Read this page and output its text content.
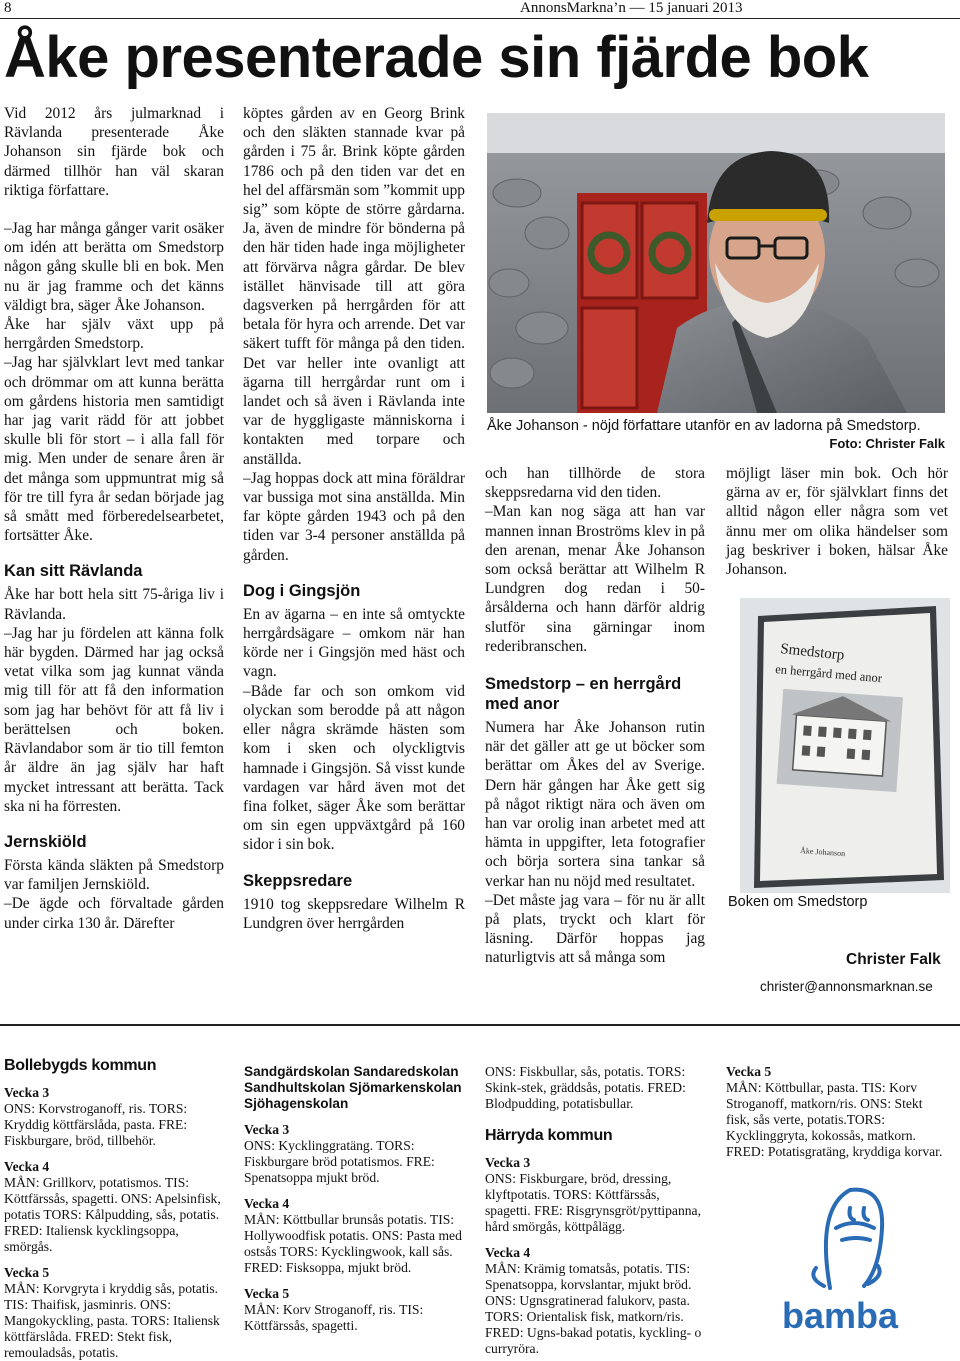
8	AnnonsMarkna’n — 15 januari 2013
Åke presenterade sin fjärde bok

Vid 2012 års julmarknad i Rävlanda presenterade Åke Johanson sin fjärde bok och därmed tillhör han väl skaran riktiga författare.

–Jag har många gånger varit osäker om idén att berätta om Smedstorp någon gång skulle bli en bok. Men nu är jag framme och det känns väldigt bra, säger Åke Johanson.

Åke har själv växt upp på herrgården Smedstorp.

–Jag har självklart levt med tankar och drömmar om att kunna berätta om gårdens historia men samtidigt har jag varit rädd för att jobbet skulle bli för stort – i alla fall för mig. Men under de senare åren är det många som uppmuntrat mig så för tre till fyra år sedan började jag så smått med förberedelsearbetet, fortsätter Åke.

Kan sitt Rävlanda

Åke har bott hela sitt 75-åriga liv i Rävlanda.

–Jag har ju fördelen att känna folk här bygden. Därmed har jag också vetat vilka som jag kunnat vända mig till för att få den information som jag har behövt för att få liv i berättelsen och boken. Rävlandabor som är tio till femton år äldre än jag själv har haft mycket intressant att berätta. Tack ska ni ha förresten.

Jernskiöld

Första kända släkten på Smedstorp var familjen Jernskiöld.

–De ägde och förvaltade gården under cirka 130 år. Därefter

köptes gården av en Georg Brink och den släkten stannade kvar på gården i 75 år. Brink köpte gården 1786 och på den tiden var det en hel del affärsmän som ”kommit upp sig” som köpte de större gårdarna. Ja, även de mindre för bönderna på den här tiden hade inga möjligheter att förvärva några gårdar. De blev istället hänvisade till att göra dagsverken på herrgården för att betala för hyra och arrende. Det var säkert tufft för många på den tiden. Det var heller inte ovanligt att ägarna till herrgårdar runt om i landet och så även i Rävlanda inte var de hyggligaste människorna i kontakten med torpare och anställda.

–Jag hoppas dock att mina föräldrar var bussiga mot sina anställda. Min far köpte gården 1943 och på den tiden var 3-4 personer anställda på gården.

Dog i Gingsjön

En av ägarna – en inte så omtyckte herrgårdsägare – omkom när han körde ner i Gingsjön med häst och vagn.

–Både far och son omkom vid olyckan som berodde på att någon eller några skrämde hästen som kom i sken och olyckligtvis hamnade i Gingsjön. Så visst kunde vardagen var hård även mot det fina folket, säger Åke som berättar om sin egen uppväxtgård på 160 sidor i sin bok.

Skeppsredare

1910 tog skeppsredare Wilhelm R Lundgren över herrgården

Åke Johanson - nöjd författare utanför en av ladorna på Smedstorp.
Foto: Christer Falk

och han tillhörde de stora skeppsredarna vid den tiden.

–Man kan nog säga att han var mannen innan Broströms klev in på den arenan, menar Åke Johanson som också berättar att Wilhelm R Lundgren dog redan i 50-årsålderna och hann därför aldrig slutför sina gärningar inom rederibranschen.

Smedstorp – en herrgård med anor

Numera har Åke Johanson rutin när det gäller att ge ut böcker som berättar om Åkes del av Sverige. Dern här gången har Åke gett sig på något riktigt nära och även om han var orolig inan arbetet med att hämta in uppgifter, leta fotografier och börja sortera sina tankar så verkar han nu nöjd med resultatet.

–Det måste jag vara – för nu är allt på plats, tryckt och klart för läsning. Därför hoppas jag naturligtvis att så många som

möjligt läser min bok. Och hör gärna av er, för självklart finns det alltid någon eller några som vet ännu mer om olika händelser som jag beskriver i boken, hälsar Åke Johanson.

Smedstorp
en herrgård med anor
Åke Johanson
Boken om Smedstorp
Christer Falk
christer@annonsmarknan.se
Bollebygds kommun
Vecka 3
ONS: Korvstroganoff, ris. TORS: Kryddig köttfärslåda, pasta. FRE: Fiskburgare, bröd, tillbehör.
Vecka 4
MÅN: Grillkorv, potatismos. TIS: Köttfärssås, spagetti. ONS: Apelsinfisk, potatis TORS: Kålpudding, sås, potatis. FRED: Italiensk kycklingsoppa, smörgås.
Vecka 5
MÅN: Korvgryta i kryddig sås, potatis. TIS: Thaifisk, jasminris. ONS: Mangokyckling, pasta. TORS: Italiensk köttfärslåda. FRED: Stekt fisk, remouladsås, potatis.
Sandgärdskolan Sandaredskolan Sandhultskolan Sjömarkenskolan Sjöhagenskolan
Vecka 3
ONS: Kycklinggratäng. TORS: Fiskburgare bröd potatismos. FRE: Spenatsoppa mjukt bröd.
Vecka 4
MÅN: Köttbullar brunsås potatis. TIS: Hollywoodfisk potatis. ONS: Pasta med ostsås TORS: Kycklingwook, kall sås. FRED: Fisksoppa, mjukt bröd.
Vecka 5
MÅN: Korv Stroganoff, ris. TIS: Köttfärssås, spagetti.
ONS: Fiskbullar, sås, potatis. TORS: Skink-stek, gräddsås, potatis. FRED: Blodpudding, potatisbullar.
Härryda kommun
Vecka 3
ONS: Fiskburgare, bröd, dressing, klyftpotatis. TORS: Köttfärssås, spagetti. FRE: Risgrynsgröt/pyttipanna, hård smörgås, köttpålägg.
Vecka 4
MÅN: Krämig tomatsås, potatis. TIS: Spenatsoppa, korvslantar, mjukt bröd. ONS: Ugnsgratinerad falukorv, pasta. TORS: Orientalisk fisk, matkorn/ris. FRED: Ugns-bakad potatis, kyckling- o curryröra.
Vecka 5
MÅN: Köttbullar, pasta. TIS: Korv Stroganoff, matkorn/ris. ONS: Stekt fisk, sås verte, potatis.TORS: Kycklinggryta, kokossås, matkorn. FRED: Potatisgratäng, kryddiga korvar.
bamba
